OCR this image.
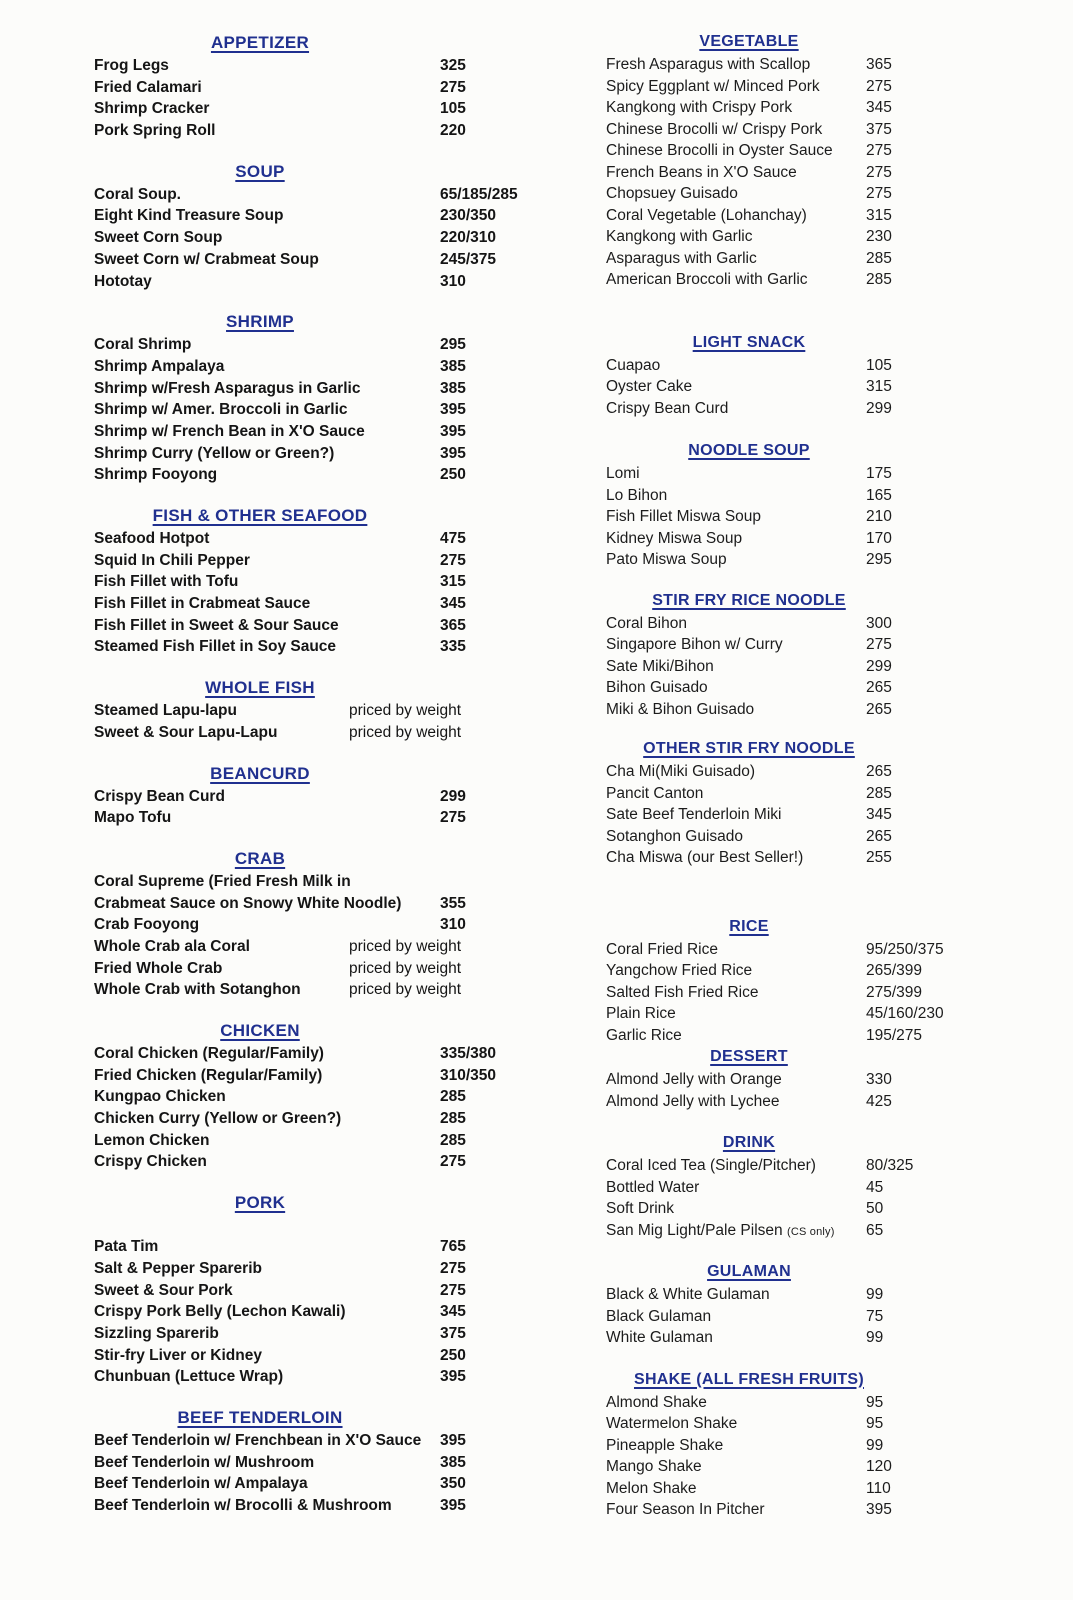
APPETIZER
Frog Legs	325
Fried Calamari	275
Shrimp Cracker	105
Pork Spring Roll	220
SOUP
Coral Soup.	65/185/285
Eight Kind Treasure Soup	230/350
Sweet Corn Soup	220/310
Sweet Corn w/ Crabmeat Soup	245/375
Hototay	310
SHRIMP
Coral Shrimp	295
Shrimp Ampalaya	385
Shrimp w/Fresh Asparagus in Garlic	385
Shrimp w/ Amer. Broccoli in Garlic	395
Shrimp w/ French Bean in X'O Sauce	395
Shrimp Curry (Yellow or Green?)	395
Shrimp Fooyong	250
FISH & OTHER SEAFOOD
Seafood Hotpot	475
Squid In Chili Pepper	275
Fish Fillet with Tofu	315
Fish Fillet in Crabmeat Sauce	345
Fish Fillet in Sweet & Sour Sauce	365
Steamed Fish Fillet in Soy Sauce	335
WHOLE FISH
Steamed Lapu-lapu	priced by weight
Sweet & Sour Lapu-Lapu	priced by weight
BEANCURD
Crispy Bean Curd	299
Mapo Tofu	275
CRAB
Coral Supreme (Fried Fresh Milk in
Crabmeat Sauce on Snowy White Noodle) 355
Crab Fooyong	310
Whole Crab ala Coral	priced by weight
Fried Whole Crab	priced by weight
Whole Crab with Sotanghon	priced by weight
CHICKEN
Coral Chicken (Regular/Family)	335/380
Fried Chicken (Regular/Family)	310/350
Kungpao Chicken	285
Chicken Curry (Yellow or Green?)	285
Lemon Chicken	285
Crispy Chicken	275
PORK
Pata Tim	765
Salt & Pepper Sparerib	275
Sweet & Sour Pork	275
Crispy Pork Belly (Lechon Kawali)	345
Sizzling Sparerib	375
Stir-fry Liver or Kidney	250
Chunbuan (Lettuce Wrap)	395
BEEF TENDERLOIN
Beef Tenderloin w/ Frenchbean in X'O Sauce 395
Beef Tenderloin w/ Mushroom	385
Beef Tenderloin w/ Ampalaya	350
Beef Tenderloin w/ Brocolli & Mushroom	395
VEGETABLE
Fresh Asparagus with Scallop	365
Spicy Eggplant w/ Minced Pork	275
Kangkong with Crispy Pork	345
Chinese Brocolli w/ Crispy Pork	375
Chinese Brocolli in Oyster Sauce 275
French Beans in X'O Sauce	275
Chopsuey Guisado	275
Coral Vegetable (Lohanchay)	315
Kangkong with Garlic	230
Asparagus with Garlic	285
American Broccoli with Garlic	285
LIGHT SNACK
Cuapao	105
Oyster Cake	315
Crispy Bean Curd	299
NOODLE SOUP
Lomi	175
Lo Bihon	165
Fish Fillet Miswa Soup	210
Kidney Miswa Soup	170
Pato Miswa Soup	295
STIR FRY RICE NOODLE
Coral Bihon	300
Singapore Bihon w/ Curry	275
Sate Miki/Bihon	299
Bihon Guisado	265
Miki & Bihon Guisado	265
OTHER STIR FRY NOODLE
Cha Mi(Miki Guisado)	265
Pancit Canton	285
Sate Beef Tenderloin Miki	345
Sotanghon Guisado	265
Cha Miswa (our Best Seller!)	255
RICE
Coral Fried Rice	95/250/375
Yangchow Fried Rice	265/399
Salted Fish Fried Rice	275/399
Plain Rice	45/160/230
Garlic Rice	195/275
DESSERT
Almond Jelly with Orange	330
Almond Jelly with Lychee	425
DRINK
Coral Iced Tea (Single/Pitcher)	80/325
Bottled Water	45
Soft Drink	50
San Mig Light/Pale Pilsen (CS only) 65
GULAMAN
Black & White Gulaman	99
Black Gulaman	75
White Gulaman	99
SHAKE (ALL FRESH FRUITS)
Almond Shake	95
Watermelon Shake	95
Pineapple Shake	99
Mango Shake	120
Melon Shake	110
Four Season In Pitcher	395
